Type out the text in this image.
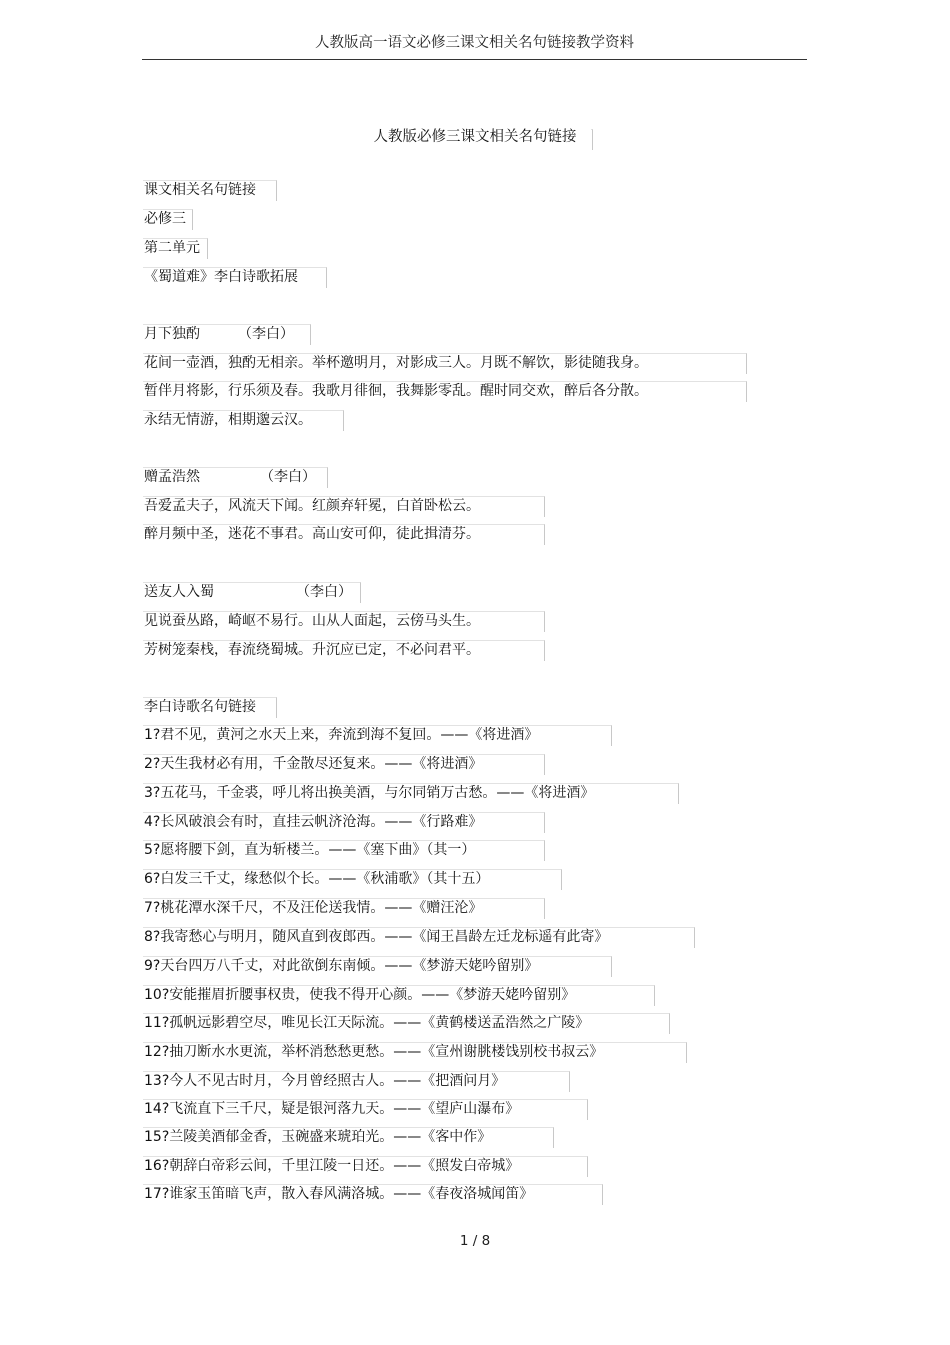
人教版高一语文必修三课文相关名句链接教学资料
人教版必修三课文相关名句链接
课文相关名句链接
必修三
第二单元
《蜀道难》李白诗歌拓展
月下独酌	（李白）
花间一壶酒，独酌无相亲。举杯邀明月，对影成三人。月既不解饮，影徒随我身。
暂伴月将影，行乐须及春。我歌月徘徊，我舞影零乱。醒时同交欢，醉后各分散。
永结无情游，相期邈云汉。
赠孟浩然	（李白）
吾爱孟夫子，风流天下闻。红颜弃轩冕，白首卧松云。
醉月频中圣，迷花不事君。高山安可仰，徒此揖清芬。
送友人入蜀	（李白）
见说蚕丛路，崎岖不易行。山从人面起，云傍马头生。
芳树笼秦栈，春流绕蜀城。升沉应已定，不必问君平。
李白诗歌名句链接
1?君不见，黄河之水天上来，奔流到海不复回。——《将进酒》
2?天生我材必有用，千金散尽还复来。——《将进酒》
3?五花马，千金裘，呼儿将出换美酒，与尔同销万古愁。——《将进酒》
4?长风破浪会有时，直挂云帆济沧海。——《行路难》
5?愿将腰下剑，直为斩楼兰。——《塞下曲》（其一）
6?白发三千丈，缘愁似个长。——《秋浦歌》（其十五）
7?桃花潭水深千尺，不及汪伦送我情。——《赠汪沦》
8?我寄愁心与明月，随风直到夜郎西。——《闻王昌龄左迁龙标遥有此寄》
9?天台四万八千丈，对此欲倒东南倾。——《梦游天姥吟留别》
10?安能摧眉折腰事权贵，使我不得开心颜。——《梦游天姥吟留别》
11?孤帆远影碧空尽，唯见长江天际流。——《黄鹤楼送孟浩然之广陵》
12?抽刀断水水更流，举杯消愁愁更愁。——《宣州谢朓楼饯别校书叔云》
13?今人不见古时月，今月曾经照古人。——《把酒问月》
14?飞流直下三千尺，疑是银河落九天。——《望庐山瀑布》
15?兰陵美酒郁金香，玉碗盛来琥珀光。——《客中作》
16?朝辞白帝彩云间，千里江陵一日还。——《照发白帝城》
17?谁家玉笛暗飞声，散入春风满洛城。——《春夜洛城闻笛》
1 / 8
